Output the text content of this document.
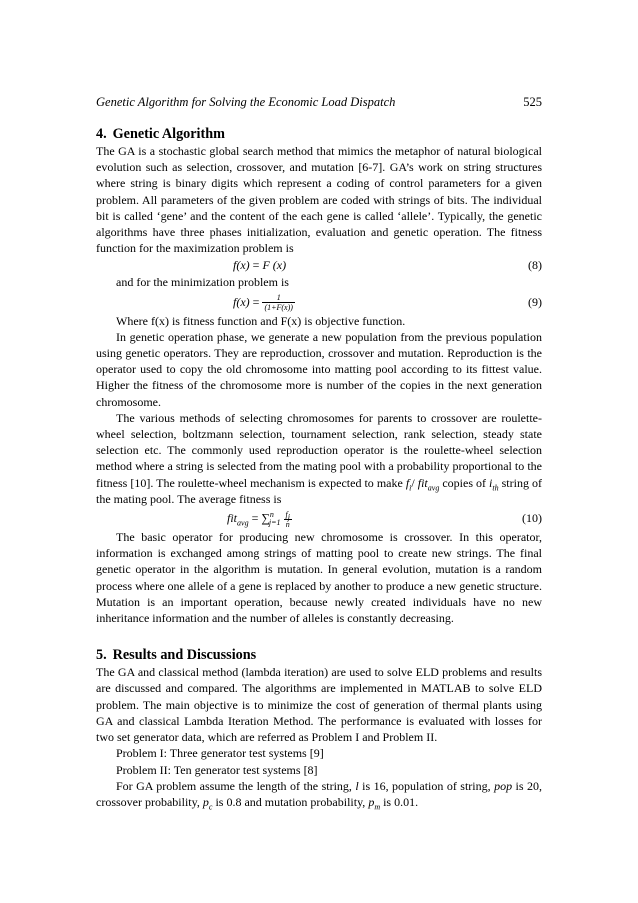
Genetic Algorithm for Solving the Economic Load Dispatch	525
4. Genetic Algorithm

The GA is a stochastic global search method that mimics the metaphor of natural biological evolution such as selection, crossover, and mutation [6-7]. GA’s work on string structures where string is binary digits which represent a coding of control parameters for a given problem. All parameters of the given problem are coded with strings of bits. The individual bit is called ‘gene’ and the content of the each gene is called ‘allele’. Typically, the genetic algorithms have three phases initialization, evaluation and genetic operation. The fitness function for the maximization problem is

f(x) = F (x)	(8)

and for the minimization problem is

$f(x) = \frac{1}{(1+F(x))}$	(9)

Where f(x) is fitness function and F(x) is objective function.

In genetic operation phase, we generate a new population from the previous population using genetic operators. They are reproduction, crossover and mutation. Reproduction is the operator used to copy the old chromosome into matting pool according to its fittest value. Higher the fitness of the chromosome more is number of the copies in the next generation chromosome.

The various methods of selecting chromosomes for parents to crossover are roulette-wheel selection, boltzmann selection, tournament selection, rank selection, steady state selection etc. The commonly used reproduction operator is the roulette-wheel selection method where a string is selected from the mating pool with a probability proportional to the fitness [10]. The roulette-wheel mechanism is expected to make $f_i/$ fit$_{avg}$ copies of $i_{th}$ string of the mating pool. The average fitness is

$fit_{avg} = \sum^n_{j=1} \frac{f_j}{n}$	(10)

The basic operator for producing new chromosome is crossover. In this operator, information is exchanged among strings of matting pool to create new strings. The final genetic operator in the algorithm is mutation. In general evolution, mutation is a random process where one allele of a gene is replaced by another to produce a new genetic structure. Mutation is an important operation, because newly created individuals have no new inheritance information and the number of alleles is constantly decreasing.

5. Results and Discussions

The GA and classical method (lambda iteration) are used to solve ELD problems and results are discussed and compared. The algorithms are implemented in MATLAB to solve ELD problem. The main objective is to minimize the cost of generation of thermal plants using GA and classical Lambda Iteration Method. The performance is evaluated with losses for two set generator data, which are referred as Problem I and Problem II.

Problem I: Three generator test systems [9]

Problem II: Ten generator test systems [8]

For GA problem assume the length of the string, l is 16, population of string, pop is 20, crossover probability, $p_c$ is 0.8 and mutation probability, $p_m$ is 0.01.
